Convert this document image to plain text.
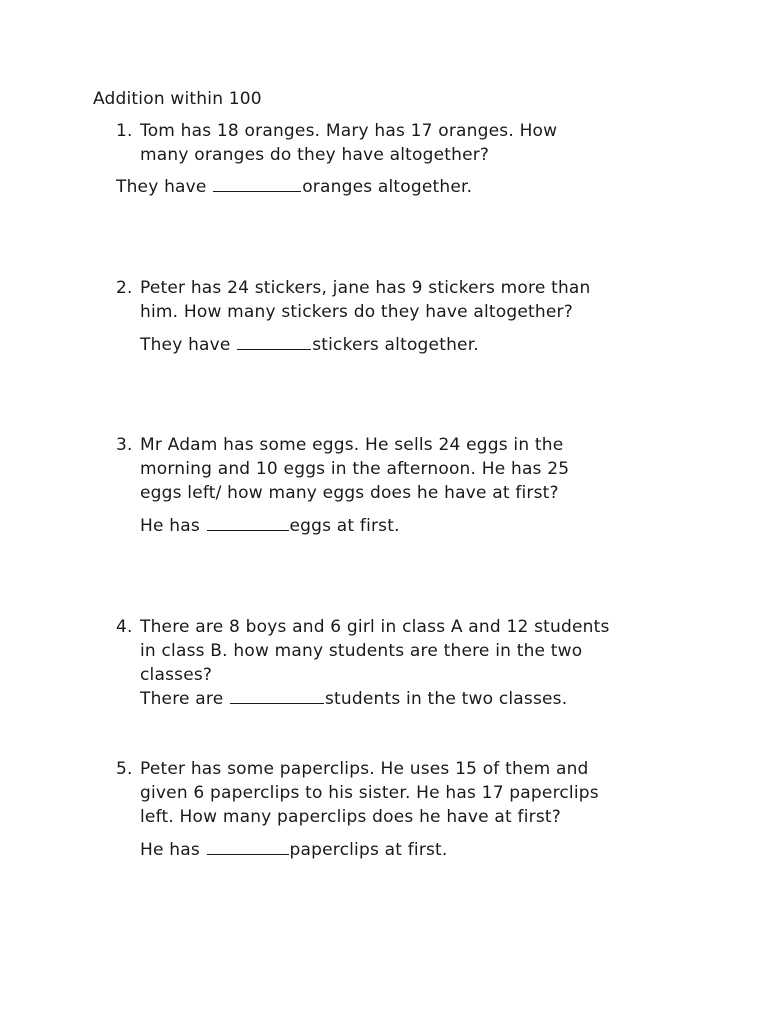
Addition within 100
1. Tom has 18 oranges. Mary has 17 oranges. How
many oranges do they have altogether?
They have	oranges altogether.
2. Peter has 24 stickers, jane has 9 stickers more than
him. How many stickers do they have altogether?
They have	stickers altogether.
3. Mr Adam has some eggs. He sells 24 eggs in the
morning and 10 eggs in the afternoon. He has 25
eggs left/ how many eggs does he have at first?
He has	eggs at first.
4. There are 8 boys and 6 girl in class A and 12 students
in class B. how many students are there in the two
classes?
There are	students in the two classes.
5. Peter has some paperclips. He uses 15 of them and
given 6 paperclips to his sister. He has 17 paperclips
left. How many paperclips does he have at first?
He has	paperclips at first.
